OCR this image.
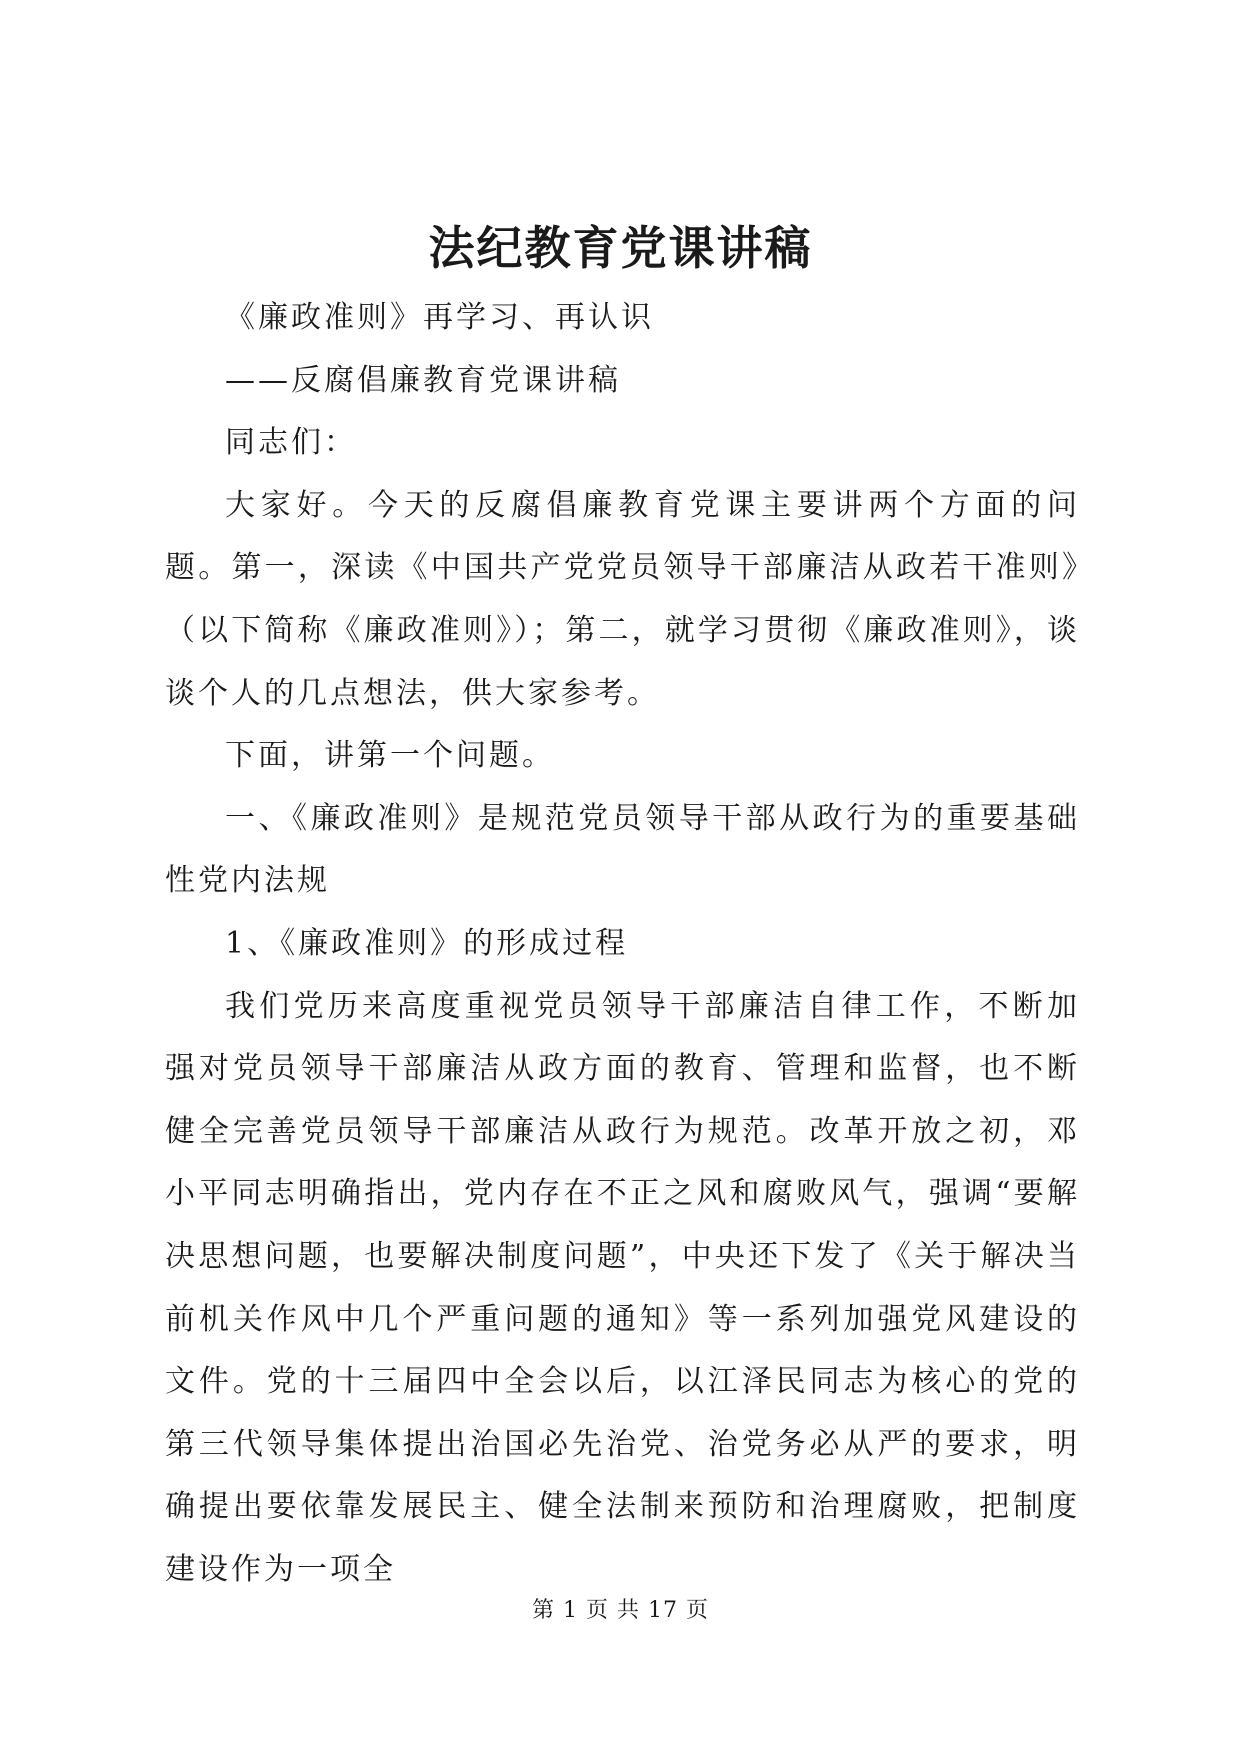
法纪教育党课讲稿

《廉政准则》再学习、再认识

——反腐倡廉教育党课讲稿

同志们：

大家好。今天的反腐倡廉教育党课主要讲两个方面的问题。第一，深读《中国共产党党员领导干部廉洁从政若干准则》（以下简称《廉政准则》）；第二，就学习贯彻《廉政准则》，谈谈个人的几点想法，供大家参考。

下面，讲第一个问题。

一、《廉政准则》是规范党员领导干部从政行为的重要基础性党内法规

1、《廉政准则》的形成过程

我们党历来高度重视党员领导干部廉洁自律工作，不断加强对党员领导干部廉洁从政方面的教育、管理和监督，也不断健全完善党员领导干部廉洁从政行为规范。改革开放之初，邓小平同志明确指出，党内存在不正之风和腐败风气，强调“要解决思想问题，也要解决制度问题”，中央还下发了《关于解决当前机关作风中几个严重问题的通知》等一系列加强党风建设的文件。党的十三届四中全会以后，以江泽民同志为核心的党的第三代领导集体提出治国必先治党、治党务必从严的要求，明确提出要依靠发展民主、健全法制来预防和治理腐败，把制度建设作为一项全

第 1 页 共 17 页
